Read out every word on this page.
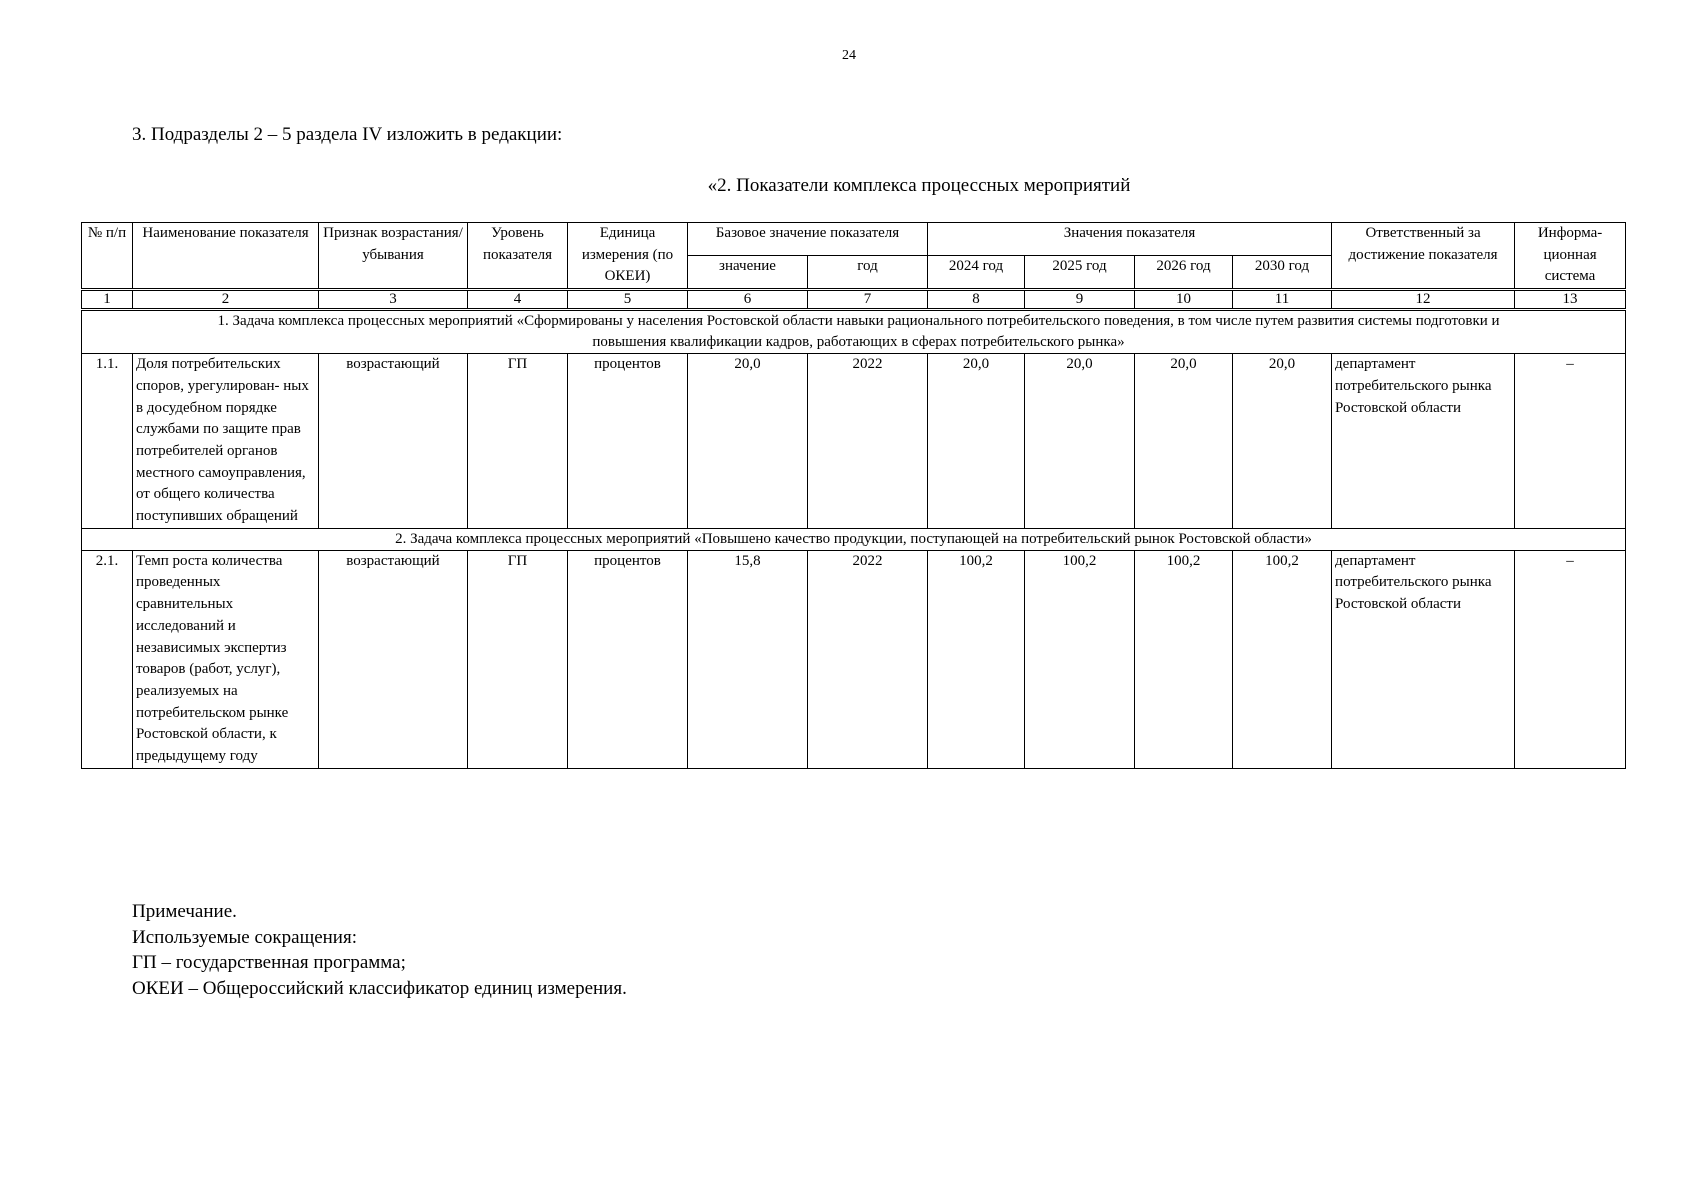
24
3. Подразделы 2 – 5 раздела IV изложить в редакции:
«2. Показатели комплекса процессных мероприятий
№ п/п	Наименование показателя	Признак возрастания/ убывания	Уровень показателя	Единица измерения (по ОКЕИ)	Базовое значение показателя		Значения показателя				Ответственный за достижение показателя	Информа- ционная система
					значение	год	2024 год	2025 год	2026 год	2030 год		
1	2	3	4	5	6	7	8	9	10	11	12	13
1. Задача комплекса процессных мероприятий «Сформированы у населения Ростовской области навыки рационального потребительского поведения, в том числе путем развития системы подготовки и повышения квалификации кадров, работающих в сферах потребительского рынка»												
1.1.	Доля потребительских споров, урегулирован- ных в досудебном порядке службами по защите прав потребителей органов местного самоуправления, от общего количества поступивших обращений	возрастающий	ГП	процентов	20,0	2022	20,0	20,0	20,0	20,0	департамент потребительского рынка Ростовской области	–
2. Задача комплекса процессных мероприятий «Повышено качество продукции, поступающей на потребительский рынок Ростовской области»												
2.1.	Темп роста количества проведенных сравнительных исследований и независимых экспертиз товаров (работ, услуг), реализуемых на потребительском рынке Ростовской области, к предыдущему году	возрастающий	ГП	процентов	15,8	2022	100,2	100,2	100,2	100,2	департамент потребительского рынка Ростовской области	–
Примечание.
Используемые сокращения:
ГП – государственная программа;
ОКЕИ – Общероссийский классификатор единиц измерения.
